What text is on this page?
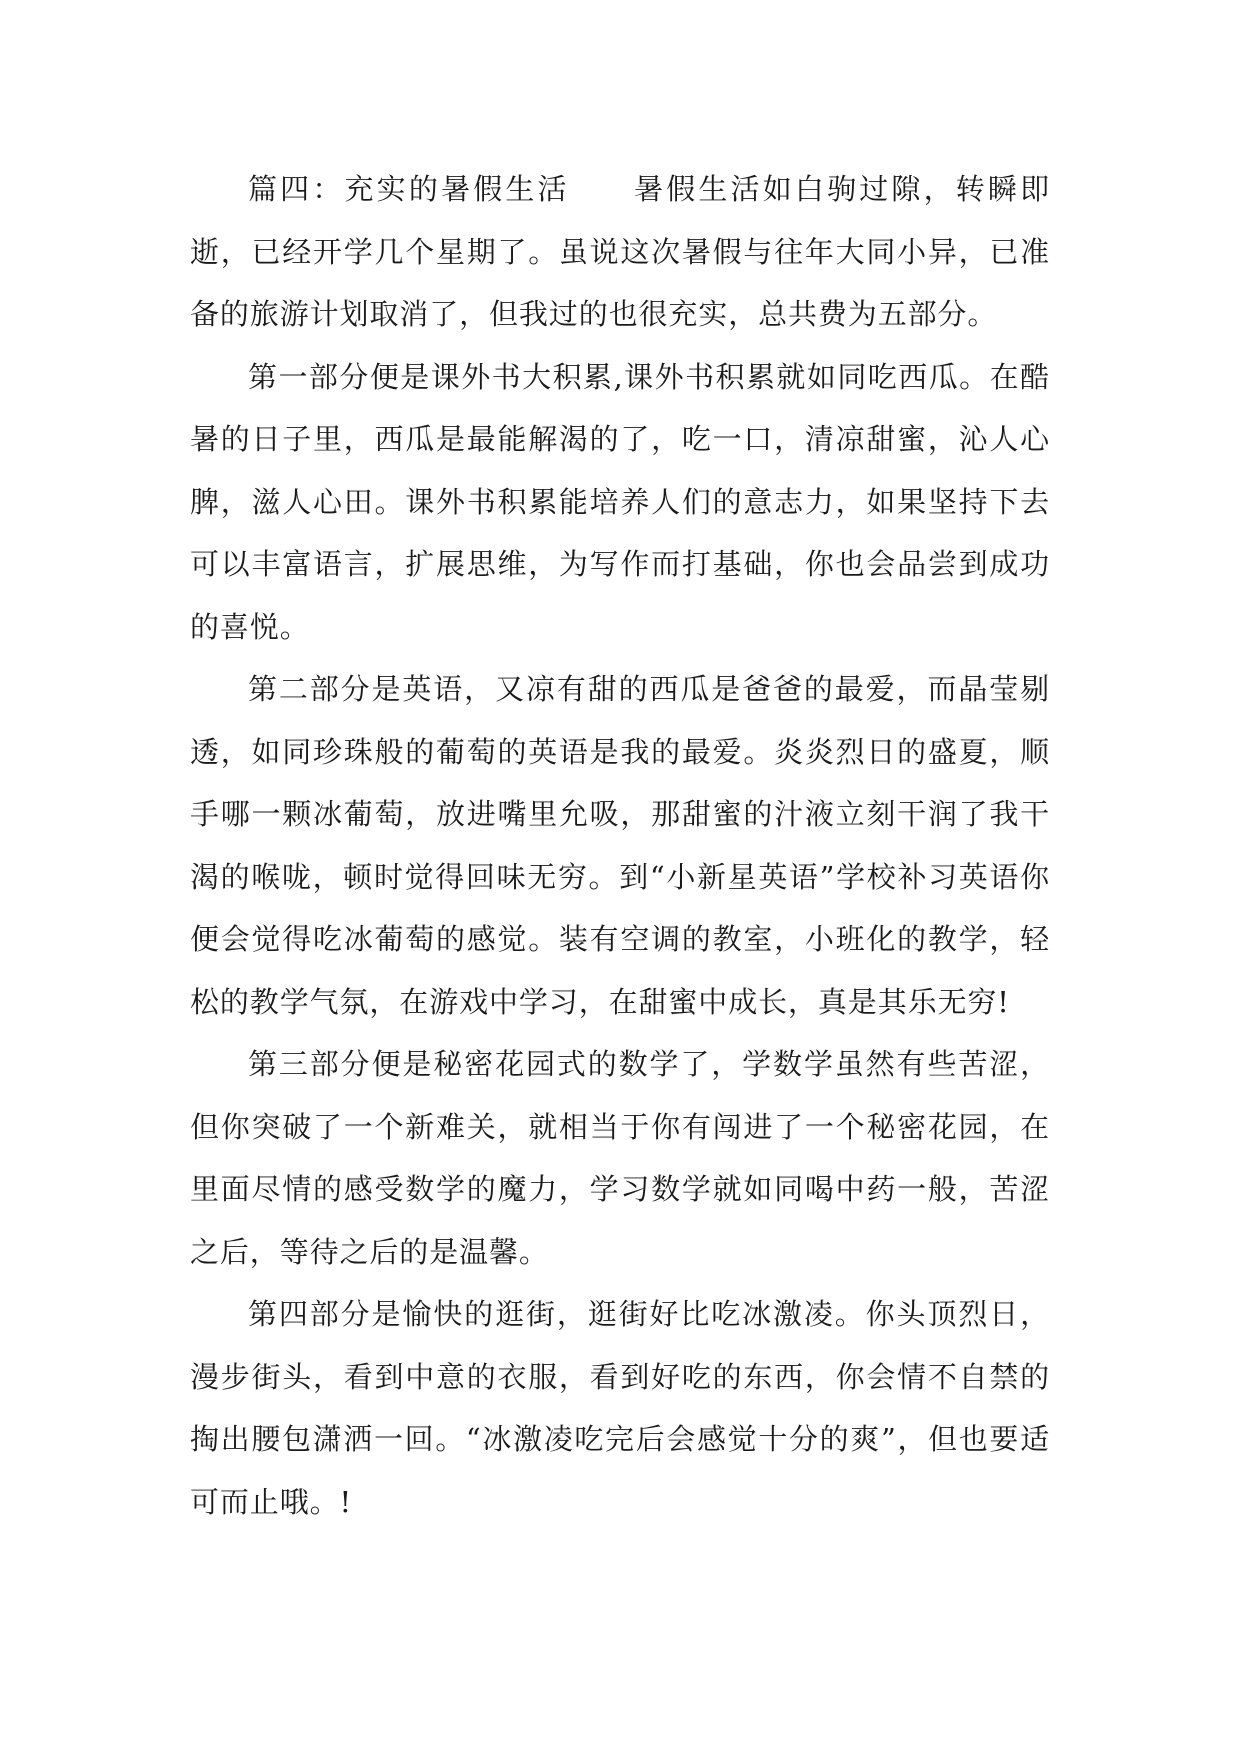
篇四：充实的暑假生活　　暑假生活如白驹过隙，转瞬即逝，已经开学几个星期了。虽说这次暑假与往年大同小异，已准备的旅游计划取消了，但我过的也很充实，总共费为五部分。

第一部分便是课外书大积累,课外书积累就如同吃西瓜。在酷暑的日子里，西瓜是最能解渴的了，吃一口，清凉甜蜜，沁人心脾，滋人心田。课外书积累能培养人们的意志力，如果坚持下去可以丰富语言，扩展思维，为写作而打基础，你也会品尝到成功的喜悦。

第二部分是英语，又凉有甜的西瓜是爸爸的最爱，而晶莹剔透，如同珍珠般的葡萄的英语是我的最爱。炎炎烈日的盛夏，顺手哪一颗冰葡萄，放进嘴里允吸，那甜蜜的汁液立刻干润了我干渴的喉咙，顿时觉得回味无穷。到“小新星英语”学校补习英语你便会觉得吃冰葡萄的感觉。装有空调的教室，小班化的教学，轻松的教学气氛，在游戏中学习，在甜蜜中成长，真是其乐无穷!

第三部分便是秘密花园式的数学了，学数学虽然有些苦涩，但你突破了一个新难关，就相当于你有闯进了一个秘密花园，在里面尽情的感受数学的魔力，学习数学就如同喝中药一般，苦涩之后，等待之后的是温馨。

第四部分是愉快的逛街，逛街好比吃冰激凌。你头顶烈日，漫步街头，看到中意的衣服，看到好吃的东西，你会情不自禁的掏出腰包潇洒一回。“冰激凌吃完后会感觉十分的爽”，但也要适可而止哦。!
